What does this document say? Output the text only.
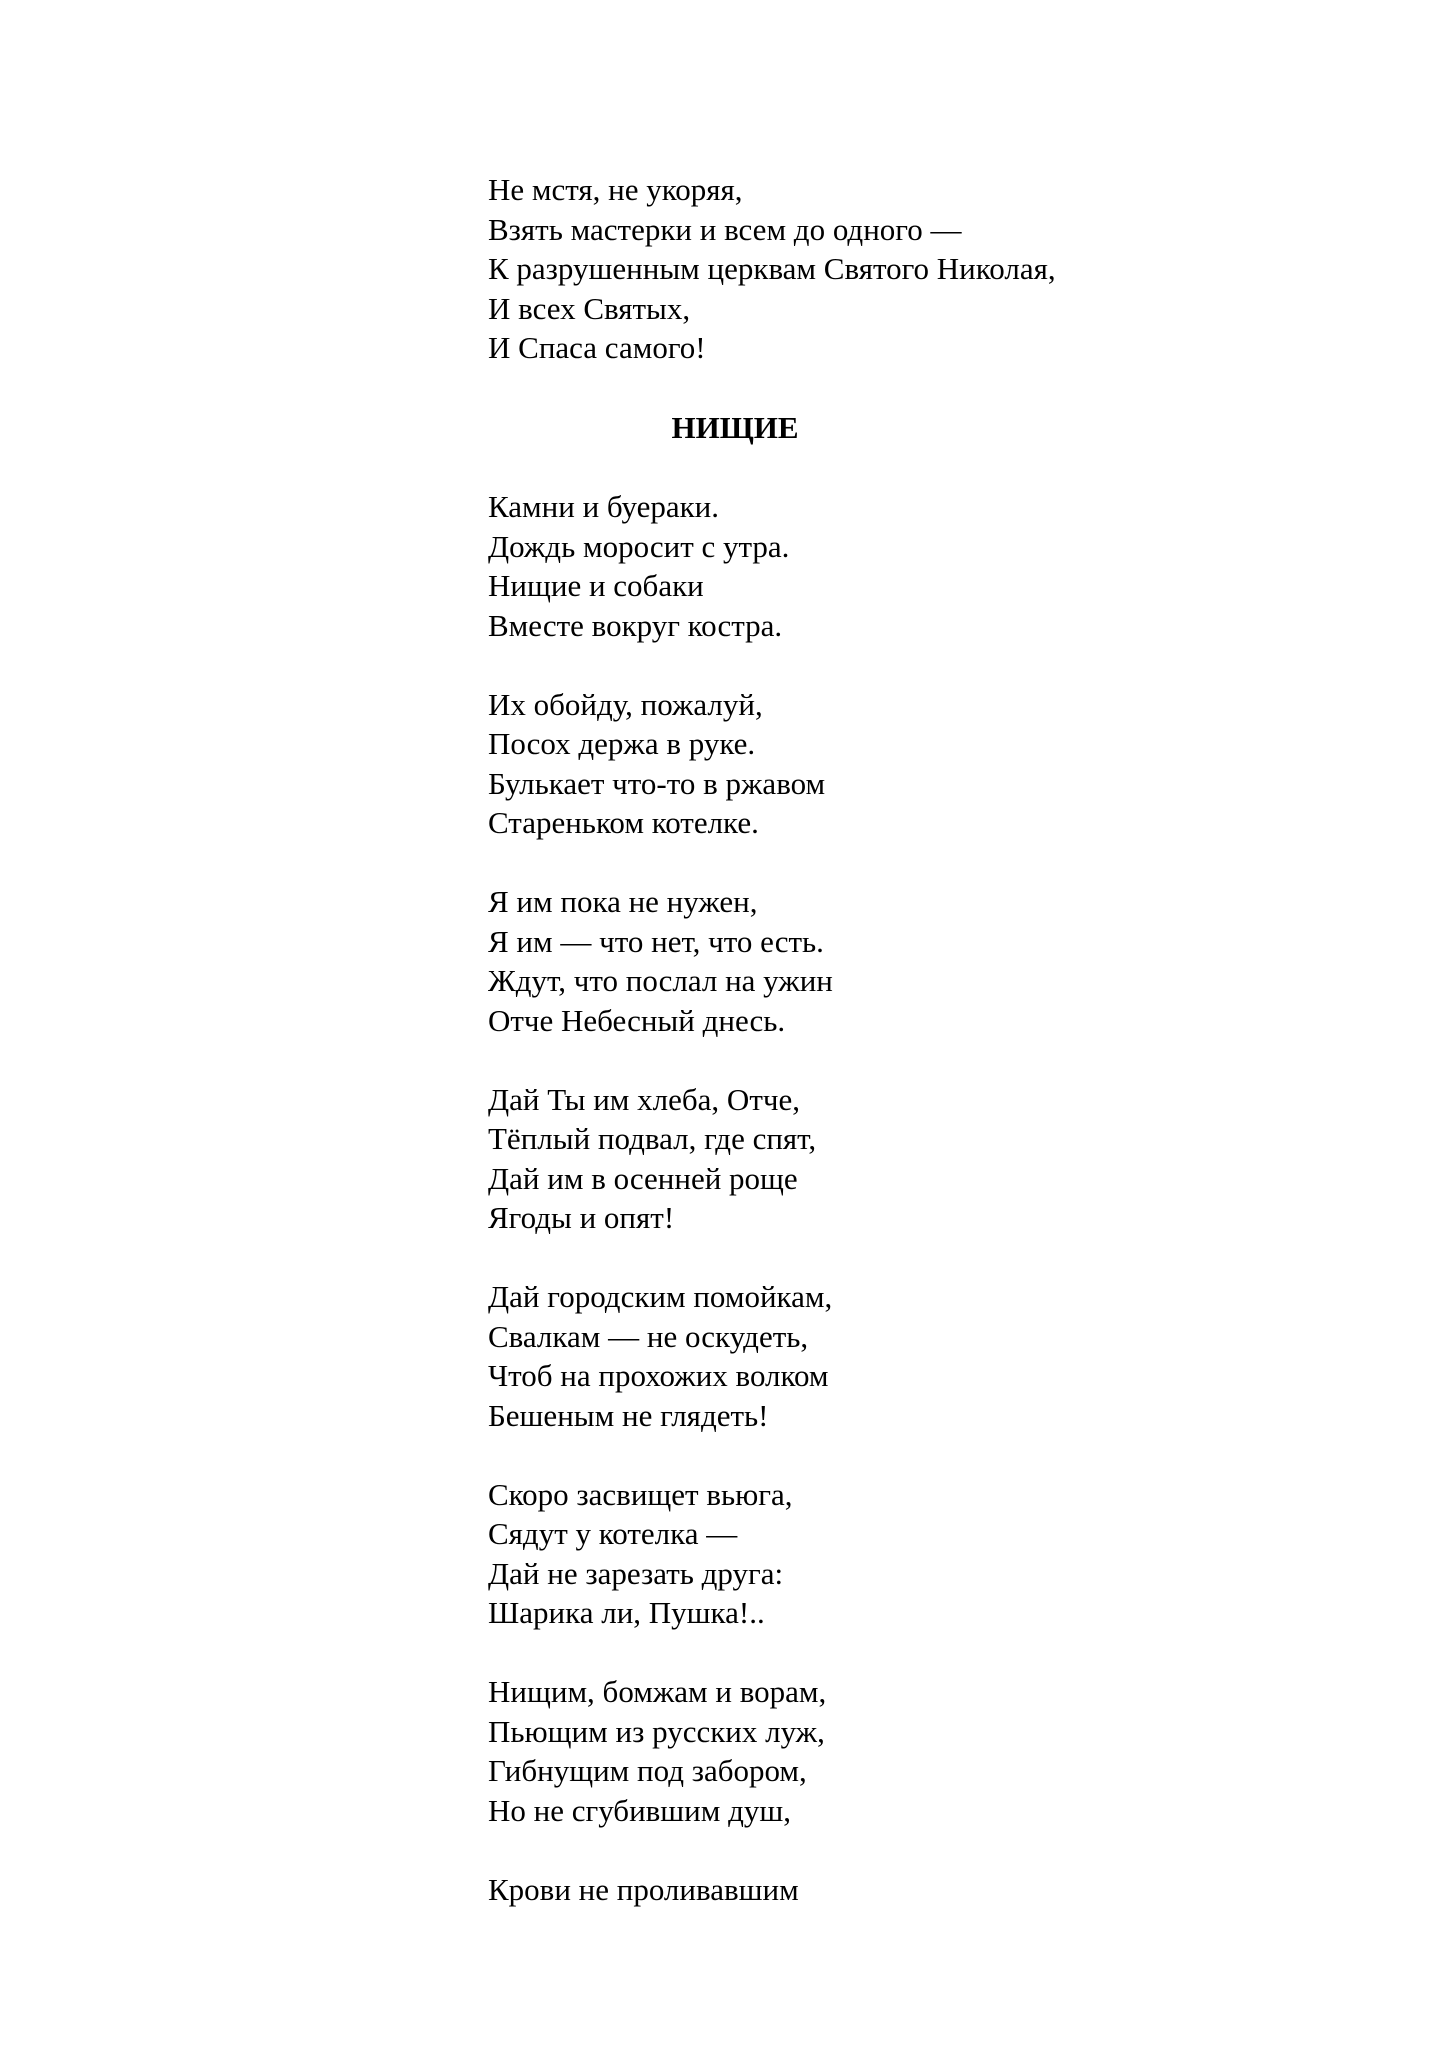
Не мстя, не укоряя,
Взять мастерки и всем до одного —
К разрушенным церквам Святого Николая,
И всех Святых,
И Спаса самого!
НИЩИЕ
Камни и буераки.
Дождь моросит с утра.
Нищие и собаки
Вместе вокруг костра.
Их обойду, пожалуй,
Посох держа в руке.
Булькает что-то в ржавом
Стареньком котелке.
Я им пока не нужен,
Я им — что нет, что есть.
Ждут, что послал на ужин
Отче Небесный днесь.
Дай Ты им хлеба, Отче,
Тёплый подвал, где спят,
Дай им в осенней роще
Ягоды и опят!
Дай городским помойкам,
Свалкам — не оскудеть,
Чтоб на прохожих волком
Бешеным не глядеть!
Скоро засвищет вьюга,
Сядут у котелка —
Дай не зарезать друга:
Шарика ли, Пушка!..
Нищим, бомжам и ворам,
Пьющим из русских луж,
Гибнущим под забором,
Но не сгубившим душ,
Крови не проливавшим
